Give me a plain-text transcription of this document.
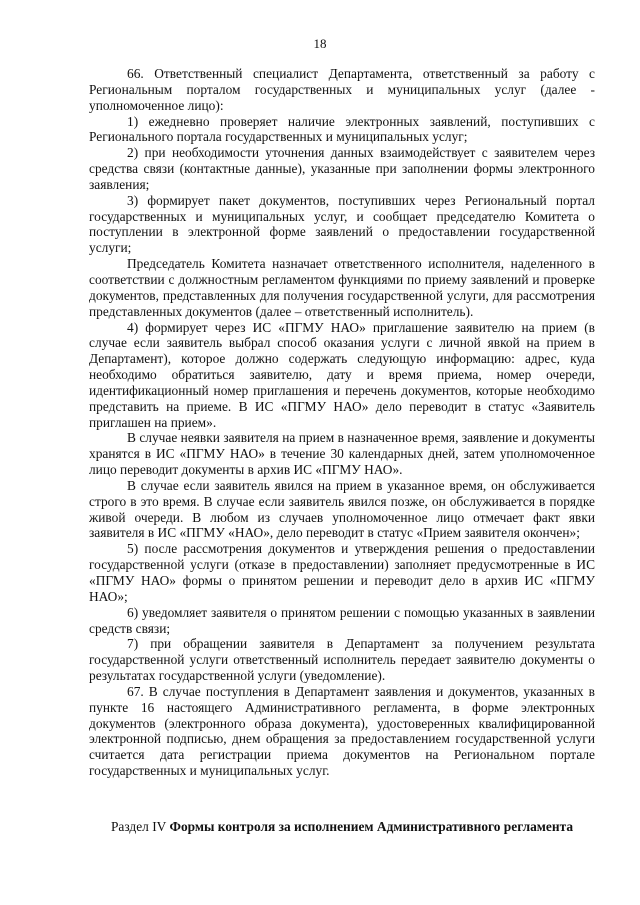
18

66. Ответственный специалист Департамента, ответственный за работу с Региональным порталом государственных и муниципальных услуг (далее - уполномоченное лицо):

1) ежедневно проверяет наличие электронных заявлений, поступивших с Регионального портала государственных и муниципальных услуг;

2) при необходимости уточнения данных взаимодействует с заявителем через средства связи (контактные данные), указанные при заполнении формы электронного заявления;

3) формирует пакет документов, поступивших через Региональный портал государственных и муниципальных услуг, и сообщает председателю Комитета о поступлении в электронной форме заявлений о предоставлении государственной услуги;

Председатель Комитета назначает ответственного исполнителя, наделенного в соответствии с должностным регламентом функциями по приему заявлений и проверке документов, представленных для получения государственной услуги, для рассмотрения представленных документов (далее – ответственный исполнитель).

4) формирует через ИС «ПГМУ НАО» приглашение заявителю на прием (в случае если заявитель выбрал способ оказания услуги с личной явкой на прием в Департамент), которое должно содержать следующую информацию: адрес, куда необходимо обратиться заявителю, дату и время приема, номер очереди, идентификационный номер приглашения и перечень документов, которые необходимо представить на приеме. В ИС «ПГМУ НАО» дело переводит в статус «Заявитель приглашен на прием».

В случае неявки заявителя на прием в назначенное время, заявление и документы хранятся в ИС «ПГМУ НАО» в течение 30 календарных дней, затем уполномоченное лицо переводит документы в архив ИС «ПГМУ НАО».

В случае если заявитель явился на прием в указанное время, он обслуживается строго в это время. В случае если заявитель явился позже, он обслуживается в порядке живой очереди. В любом из случаев уполномоченное лицо отмечает факт явки заявителя в ИС «ПГМУ «НАО», дело переводит в статус «Прием заявителя окончен»;

5) после рассмотрения документов и утверждения решения о предоставлении государственной услуги (отказе в предоставлении) заполняет предусмотренные в ИС «ПГМУ НАО» формы о принятом решении и переводит дело в архив ИС «ПГМУ НАО»;

6) уведомляет заявителя о принятом решении с помощью указанных в заявлении средств связи;

7) при обращении заявителя в Департамент за получением результата государственной услуги ответственный исполнитель передает заявителю документы о результатах государственной услуги (уведомление).

67. В случае поступления в Департамент заявления и документов, указанных в пункте 16 настоящего Административного регламента, в форме электронных документов (электронного образа документа), удостоверенных квалифицированной электронной подписью, днем обращения за предоставлением государственной услуги считается дата регистрации приема документов на Региональном портале государственных и муниципальных услуг.

Раздел IV Формы контроля за исполнением Административного регламента
